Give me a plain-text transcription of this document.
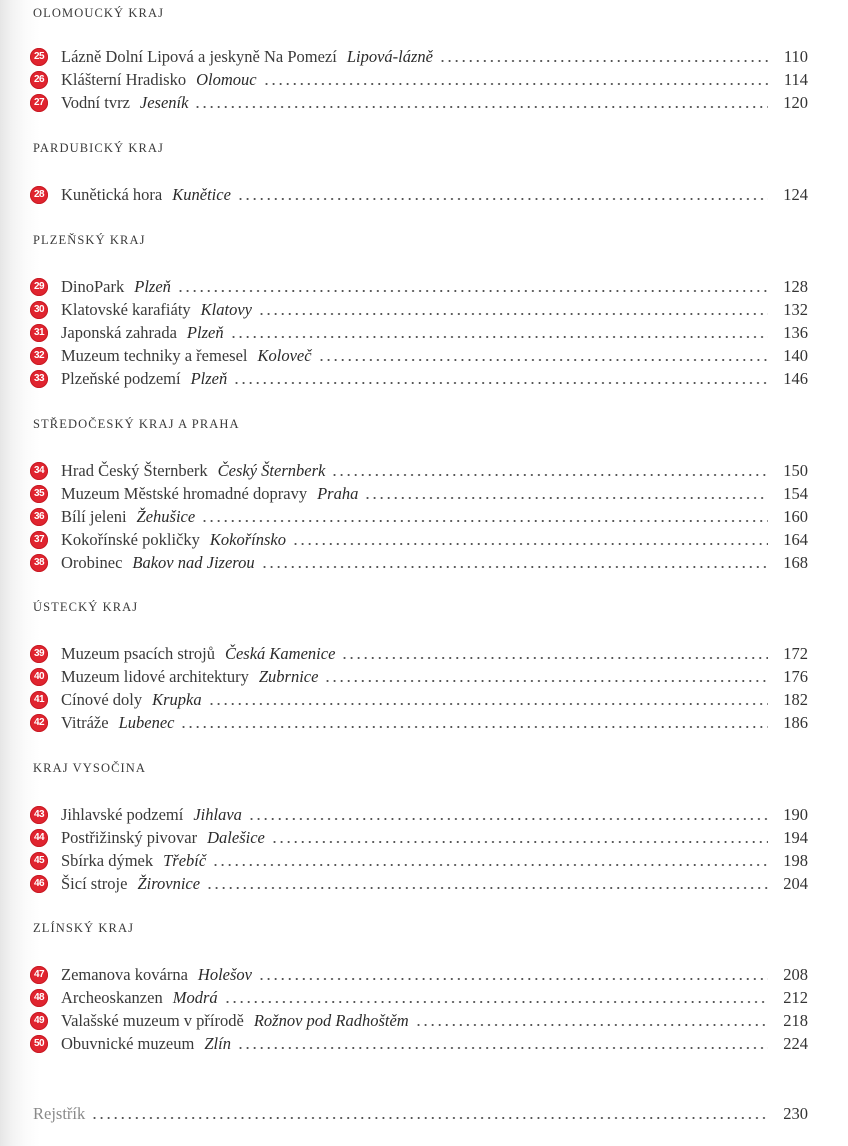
OLOMOUCKÝ KRAJ
25 Lázně Dolní Lipová a jeskyně Na Pomezí Lipová-lázně	110
26 Klášterní Hradisko Olomouc	114
27 Vodní tvrz Jeseník	120
PARDUBICKÝ KRAJ
28 Kunětická hora Kunětice	124
PLZEŇSKÝ KRAJ
29 DinoPark Plzeň	128
30 Klatovské karafiáty Klatovy	132
31 Japonská zahrada Plzeň	136
32 Muzeum techniky a řemesel Koloveč	140
33 Plzeňské podzemí Plzeň	146
STŘEDOČESKÝ KRAJ A PRAHA
34 Hrad Český Šternberk Český Šternberk	150
35 Muzeum Městské hromadné dopravy Praha	154
36 Bílí jeleni Žehušice	160
37 Kokořínské pokličky Kokořínsko	164
38 Orobinec Bakov nad Jizerou	168
ÚSTECKÝ KRAJ
39 Muzeum psacích strojů Česká Kamenice	172
40 Muzeum lidové architektury Zubrnice	176
41 Cínové doly Krupka	182
42 Vitráže Lubenec	186
KRAJ VYSOČINA
43 Jihlavské podzemí Jihlava	190
44 Postřižinský pivovar Dalešice	194
45 Sbírka dýmek Třebíč	198
46 Šicí stroje Žirovnice	204
ZLÍNSKÝ KRAJ
47 Zemanova kovárna Holešov	208
48 Archeoskanzen Modrá	212
49 Valašské muzeum v přírodě Rožnov pod Radhoštěm	218
50 Obuvnické muzeum Zlín	224
Rejstřík	230
